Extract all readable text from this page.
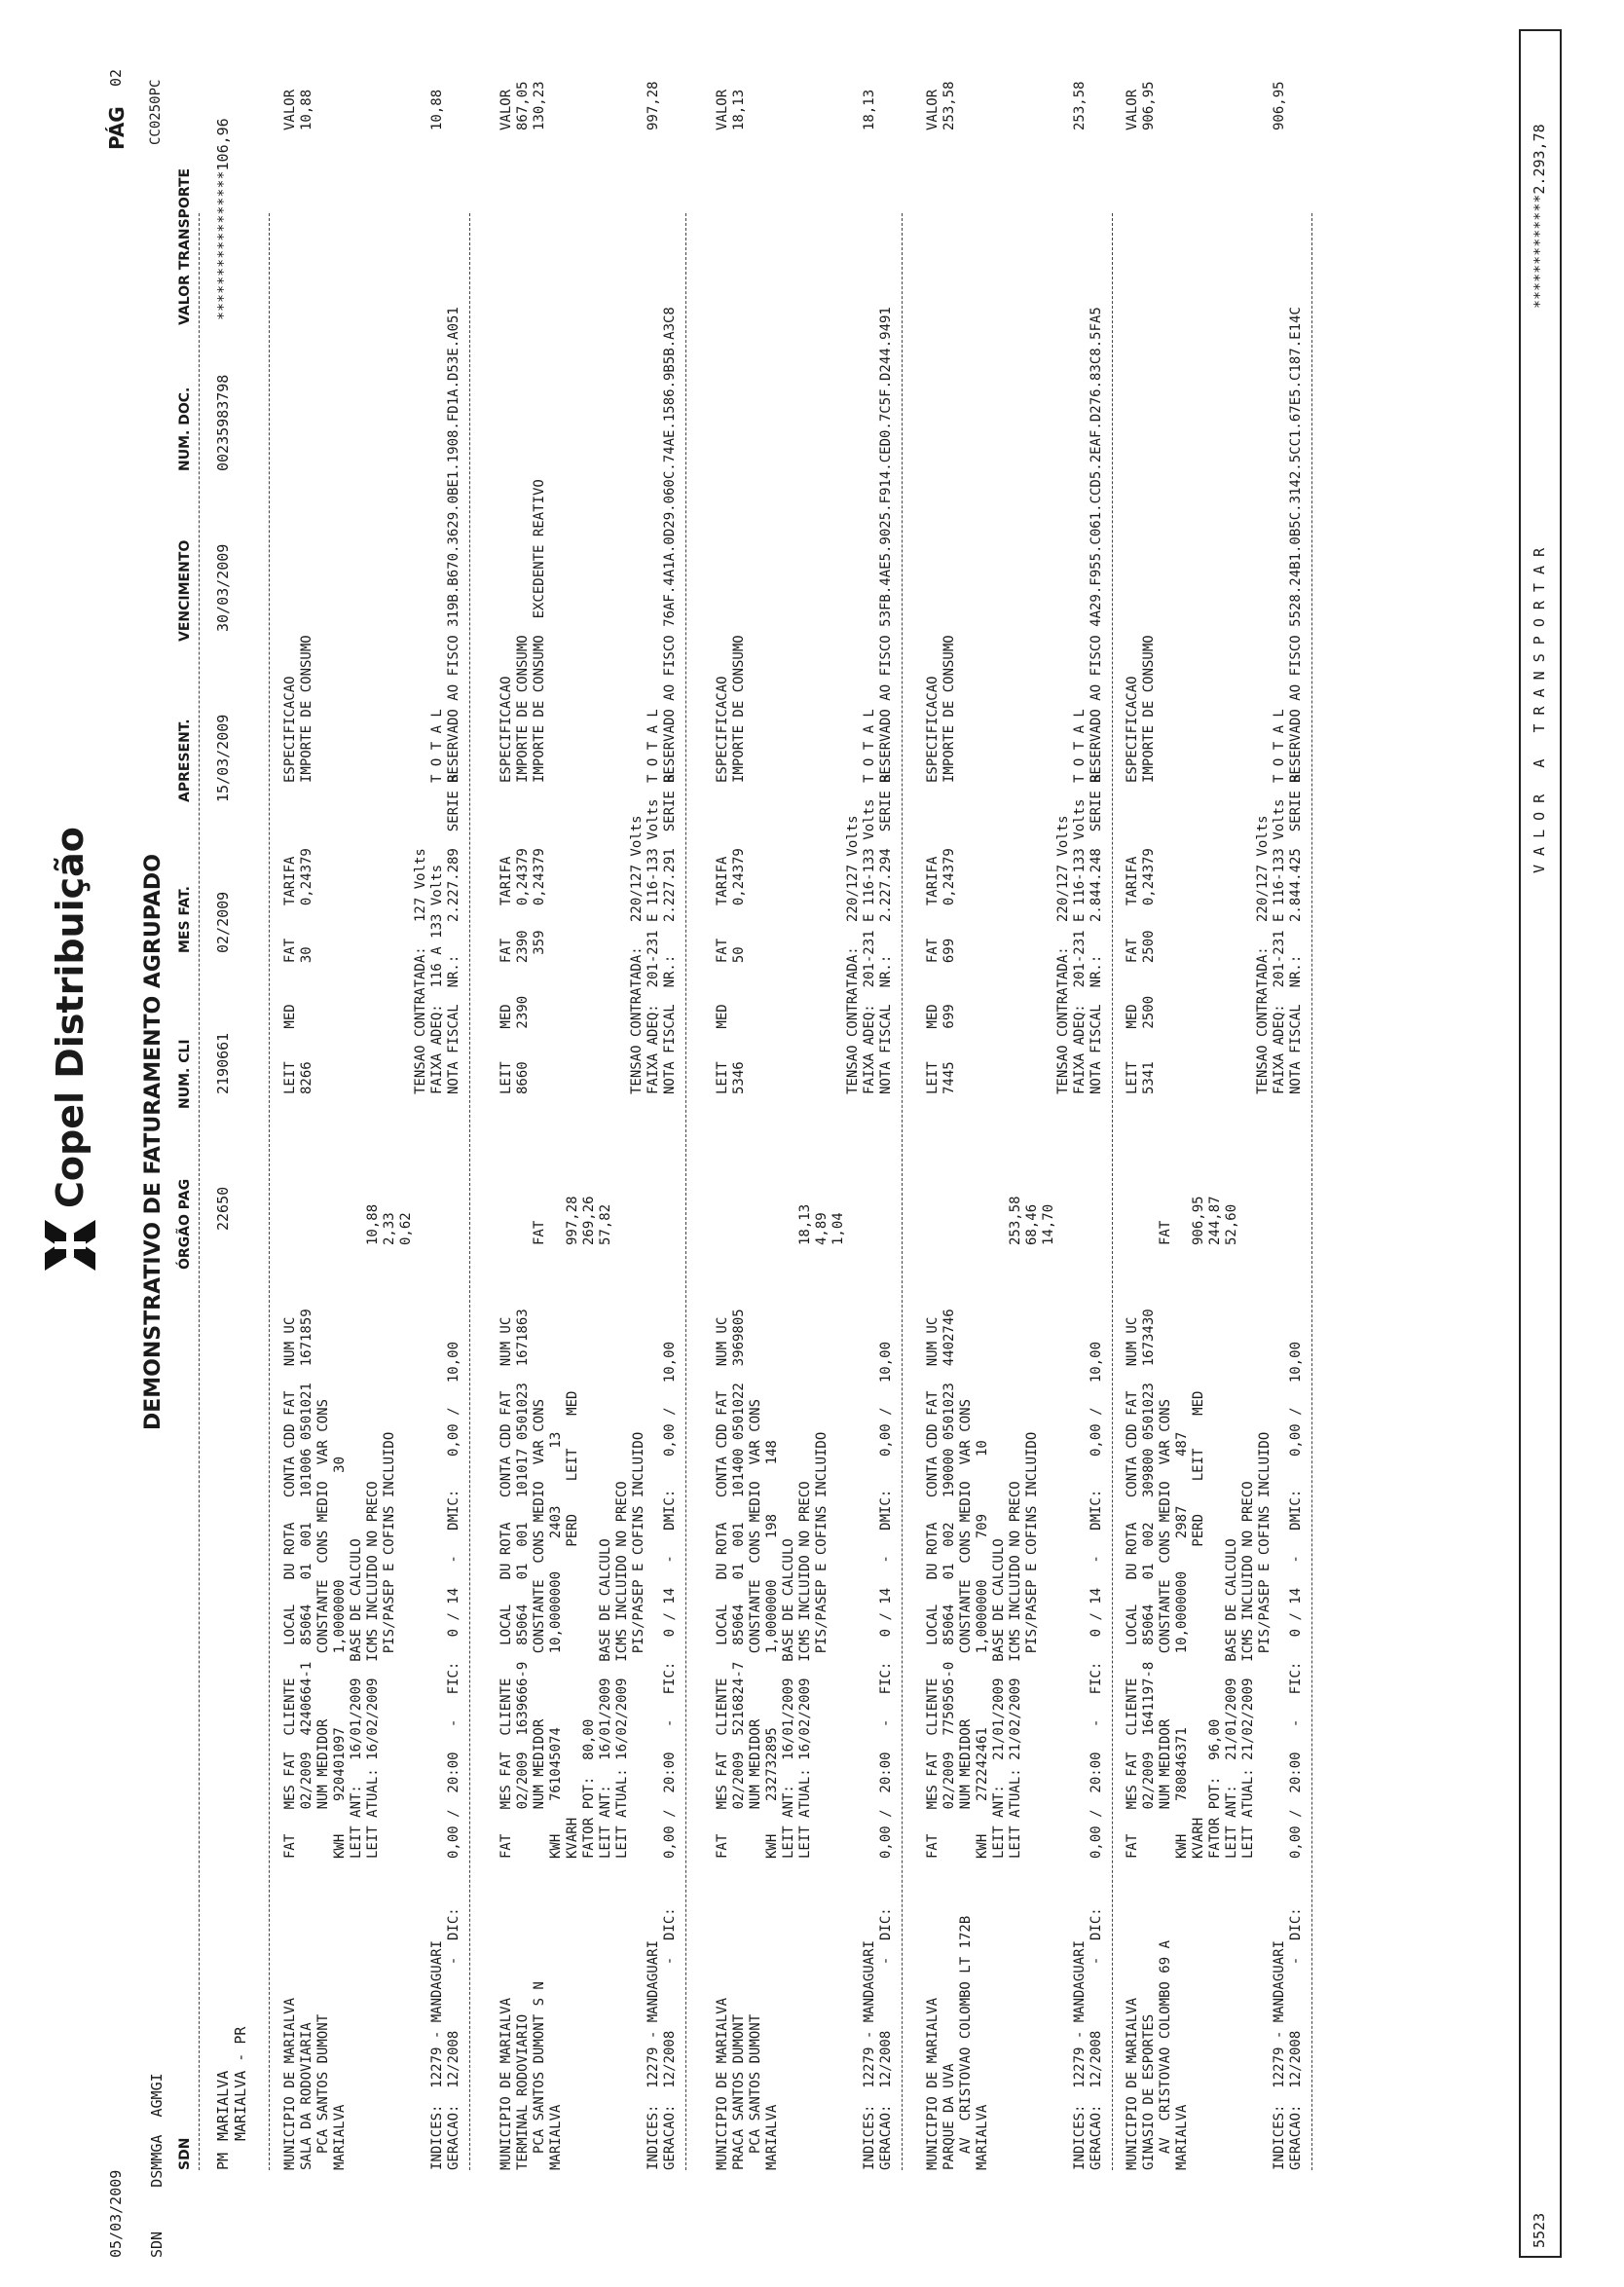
Copel Distribuição

05/03/2009 SDN     DSMMGA  AGMGI
DEMONSTRATIVO DE FATURAMENTO AGRUPADO
PÁG
02
CC0250PC
SDN
ÓRGÃO PAG
NUM. CLI
MES FAT.
APRESENT.
VENCIMENTO
NUM. DOC.
VALOR TRANSPORTE
PM
MARIALVA MARIALVA - PR
22650
2190661
02/2009
15/03/2009
30/03/2009
00235983798
*****************106,96
MUNICIPIO DE MARIALVA SALA DA RODOVIARIA PCA SANTOS DUMONT MARIALVA
FAT   MES FAT  CLIENTE    LOCAL   DU ROTA   CONTA CDD FAT   NUM UC 02/2009  4240664-1  85064   01  001   101006 0501021  1671859 NUM MEDIDOR        CONSTANTE  CONS MEDIO  VAR CONS KWH    920401097         1,0000000             30 LEIT ANT:   16/01/2009  BASE DE CALCULO LEIT ATUAL: 16/02/2009  ICMS INCLUIDO NO PRECO PIS/PASEP E COFINS INCLUIDO
10,88 2,33 0,62
LEIT    MED     FAT    TARIFA 8266            30     0,24379
ESPECIFICACAO IMPORTE DE CONSUMO
VALOR 10,88
INDICES:  12279 - MANDAGUARI GERACAO:  12/2008        -  DIC:
0,00 /  20:00   -   FIC:   0 / 14   -   DMIC:    0,00 /   10,00
TENSAO CONTRATADA:   127 Volts FAIXA ADEQ:  116 A 133 Volts NOTA FISCAL  NR.:    2.227.289  SERIE B
T O T A L RESERVADO AO FISCO 319B.B670.3629.0BE1.1908.FD1A.D53E.A051
10,88
MUNICIPIO DE MARIALVA TERMINAL RODOVIARIO PCA SANTOS DUMONT S N MARIALVA
FAT   MES FAT  CLIENTE    LOCAL   DU ROTA   CONTA CDD FAT   NUM UC 02/2009  1639666-9  85064   01  001   101017 0501023  1671863 NUM MEDIDOR        CONSTANTE  CONS MEDIO  VAR CONS KWH    761045074         10,0000000    2403       13 KVARH                                 PERD    LEIT    MED FATOR POT:  80,00 LEIT ANT:   16/01/2009  BASE DE CALCULO LEIT ATUAL: 16/02/2009  ICMS INCLUIDO NO PRECO PIS/PASEP E COFINS INCLUIDO
FAT 997,28 269,26 57,82
LEIT    MED     FAT    TARIFA 8660    2390    2390   0,24379 359   0,24379
ESPECIFICACAO IMPORTE DE CONSUMO IMPORTE DE CONSUMO  EXCEDENTE REATIVO
VALOR 867,05 130,23
INDICES:  12279 - MANDAGUARI GERACAO:  12/2008        -  DIC:
0,00 /  20:00   -   FIC:   0 / 14   -   DMIC:    0,00 /   10,00
TENSAO CONTRATADA:   220/127 Volts FAIXA ADEQ:  201-231 E 116-133 Volts NOTA FISCAL  NR.:    2.227.291  SERIE B
T O T A L RESERVADO AO FISCO 76AF.4A1A.0D29.060C.74AE.1586.9B5B.A3C8
997,28
MUNICIPIO DE MARIALVA PRACA SANTOS DUMONT PCA SANTOS DUMONT MARIALVA
FAT   MES FAT  CLIENTE    LOCAL   DU ROTA   CONTA CDD FAT   NUM UC 02/2009  5216824-7  85064   01  001   101400 0501022  3969805 NUM MEDIDOR        CONSTANTE  CONS MEDIO  VAR CONS KWH    232732895         1,0000000     198      148 LEIT ANT:   16/01/2009  BASE DE CALCULO LEIT ATUAL: 16/02/2009  ICMS INCLUIDO NO PRECO PIS/PASEP E COFINS INCLUIDO
18,13 4,89 1,04
LEIT    MED     FAT    TARIFA 5346            50     0,24379
ESPECIFICACAO IMPORTE DE CONSUMO
VALOR 18,13
INDICES:  12279 - MANDAGUARI GERACAO:  12/2008        -  DIC:
0,00 /  20:00   -   FIC:   0 / 14   -   DMIC:    0,00 /   10,00
TENSAO CONTRATADA:   220/127 Volts FAIXA ADEQ:  201-231 E 116-133 Volts NOTA FISCAL  NR.:    2.227.294  SERIE B
T O T A L RESERVADO AO FISCO 53FB.4AE5.9025.F914.CED0.7C5F.D244.9491
18,13
MUNICIPIO DE MARIALVA PARQUE DA UVA AV  CRISTOVAO COLOMBO LT 172B MARIALVA
FAT   MES FAT  CLIENTE    LOCAL   DU ROTA   CONTA CDD FAT   NUM UC 02/2009  7750505-0  85064   01  002   190000 0501023  4402746 NUM MEDIDOR        CONSTANTE  CONS MEDIO  VAR CONS KWH    272242461         1,0000000     709       10 LEIT ANT:   21/01/2009  BASE DE CALCULO LEIT ATUAL: 21/02/2009  ICMS INCLUIDO NO PRECO PIS/PASEP E COFINS INCLUIDO
253,58 68,46 14,70
LEIT    MED     FAT    TARIFA 7445    699     699    0,24379
ESPECIFICACAO IMPORTE DE CONSUMO
VALOR 253,58
INDICES:  12279 - MANDAGUARI GERACAO:  12/2008        -  DIC:
0,00 /  20:00   -   FIC:   0 / 14   -   DMIC:    0,00 /   10,00
TENSAO CONTRATADA:   220/127 Volts FAIXA ADEQ:  201-231 E 116-133 Volts NOTA FISCAL  NR.:    2.844.248  SERIE B
T O T A L RESERVADO AO FISCO 4A29.F955.C061.CCD5.2EAF.D276.83C8.5FA5
253,58
MUNICIPIO DE MARIALVA GINASIO DE ESPORTES AV  CRISTOVAO COLOMBO 69 A MARIALVA
FAT   MES FAT  CLIENTE    LOCAL   DU ROTA   CONTA CDD FAT   NUM UC 02/2009  1641197-8  85064   01  002   309800 0501023  1673430 NUM MEDIDOR        CONSTANTE  CONS MEDIO  VAR CONS KWH    780846371         10,0000000    2987      487 KVARH                                 PERD    LEIT    MED FATOR POT:  96,00 LEIT ANT:   21/01/2009  BASE DE CALCULO LEIT ATUAL: 21/02/2009  ICMS INCLUIDO NO PRECO PIS/PASEP E COFINS INCLUIDO
FAT 906,95 244,87 52,60
LEIT    MED     FAT    TARIFA 5341    2500    2500   0,24379
ESPECIFICACAO IMPORTE DE CONSUMO
VALOR 906,95
INDICES:  12279 - MANDAGUARI GERACAO:  12/2008        -  DIC:
0,00 /  20:00   -   FIC:   0 / 14   -   DMIC:    0,00 /   10,00
TENSAO CONTRATADA:   220/127 Volts FAIXA ADEQ:  201-231 E 116-133 Volts NOTA FISCAL  NR.:    2.844.425  SERIE B
T O T A L RESERVADO AO FISCO 5528.24B1.0B5C.3142.5CC1.67E5.C187.E14C
906,95
5523
V A L O R   A   T R A N S P O R T A R
*************2.293,78
